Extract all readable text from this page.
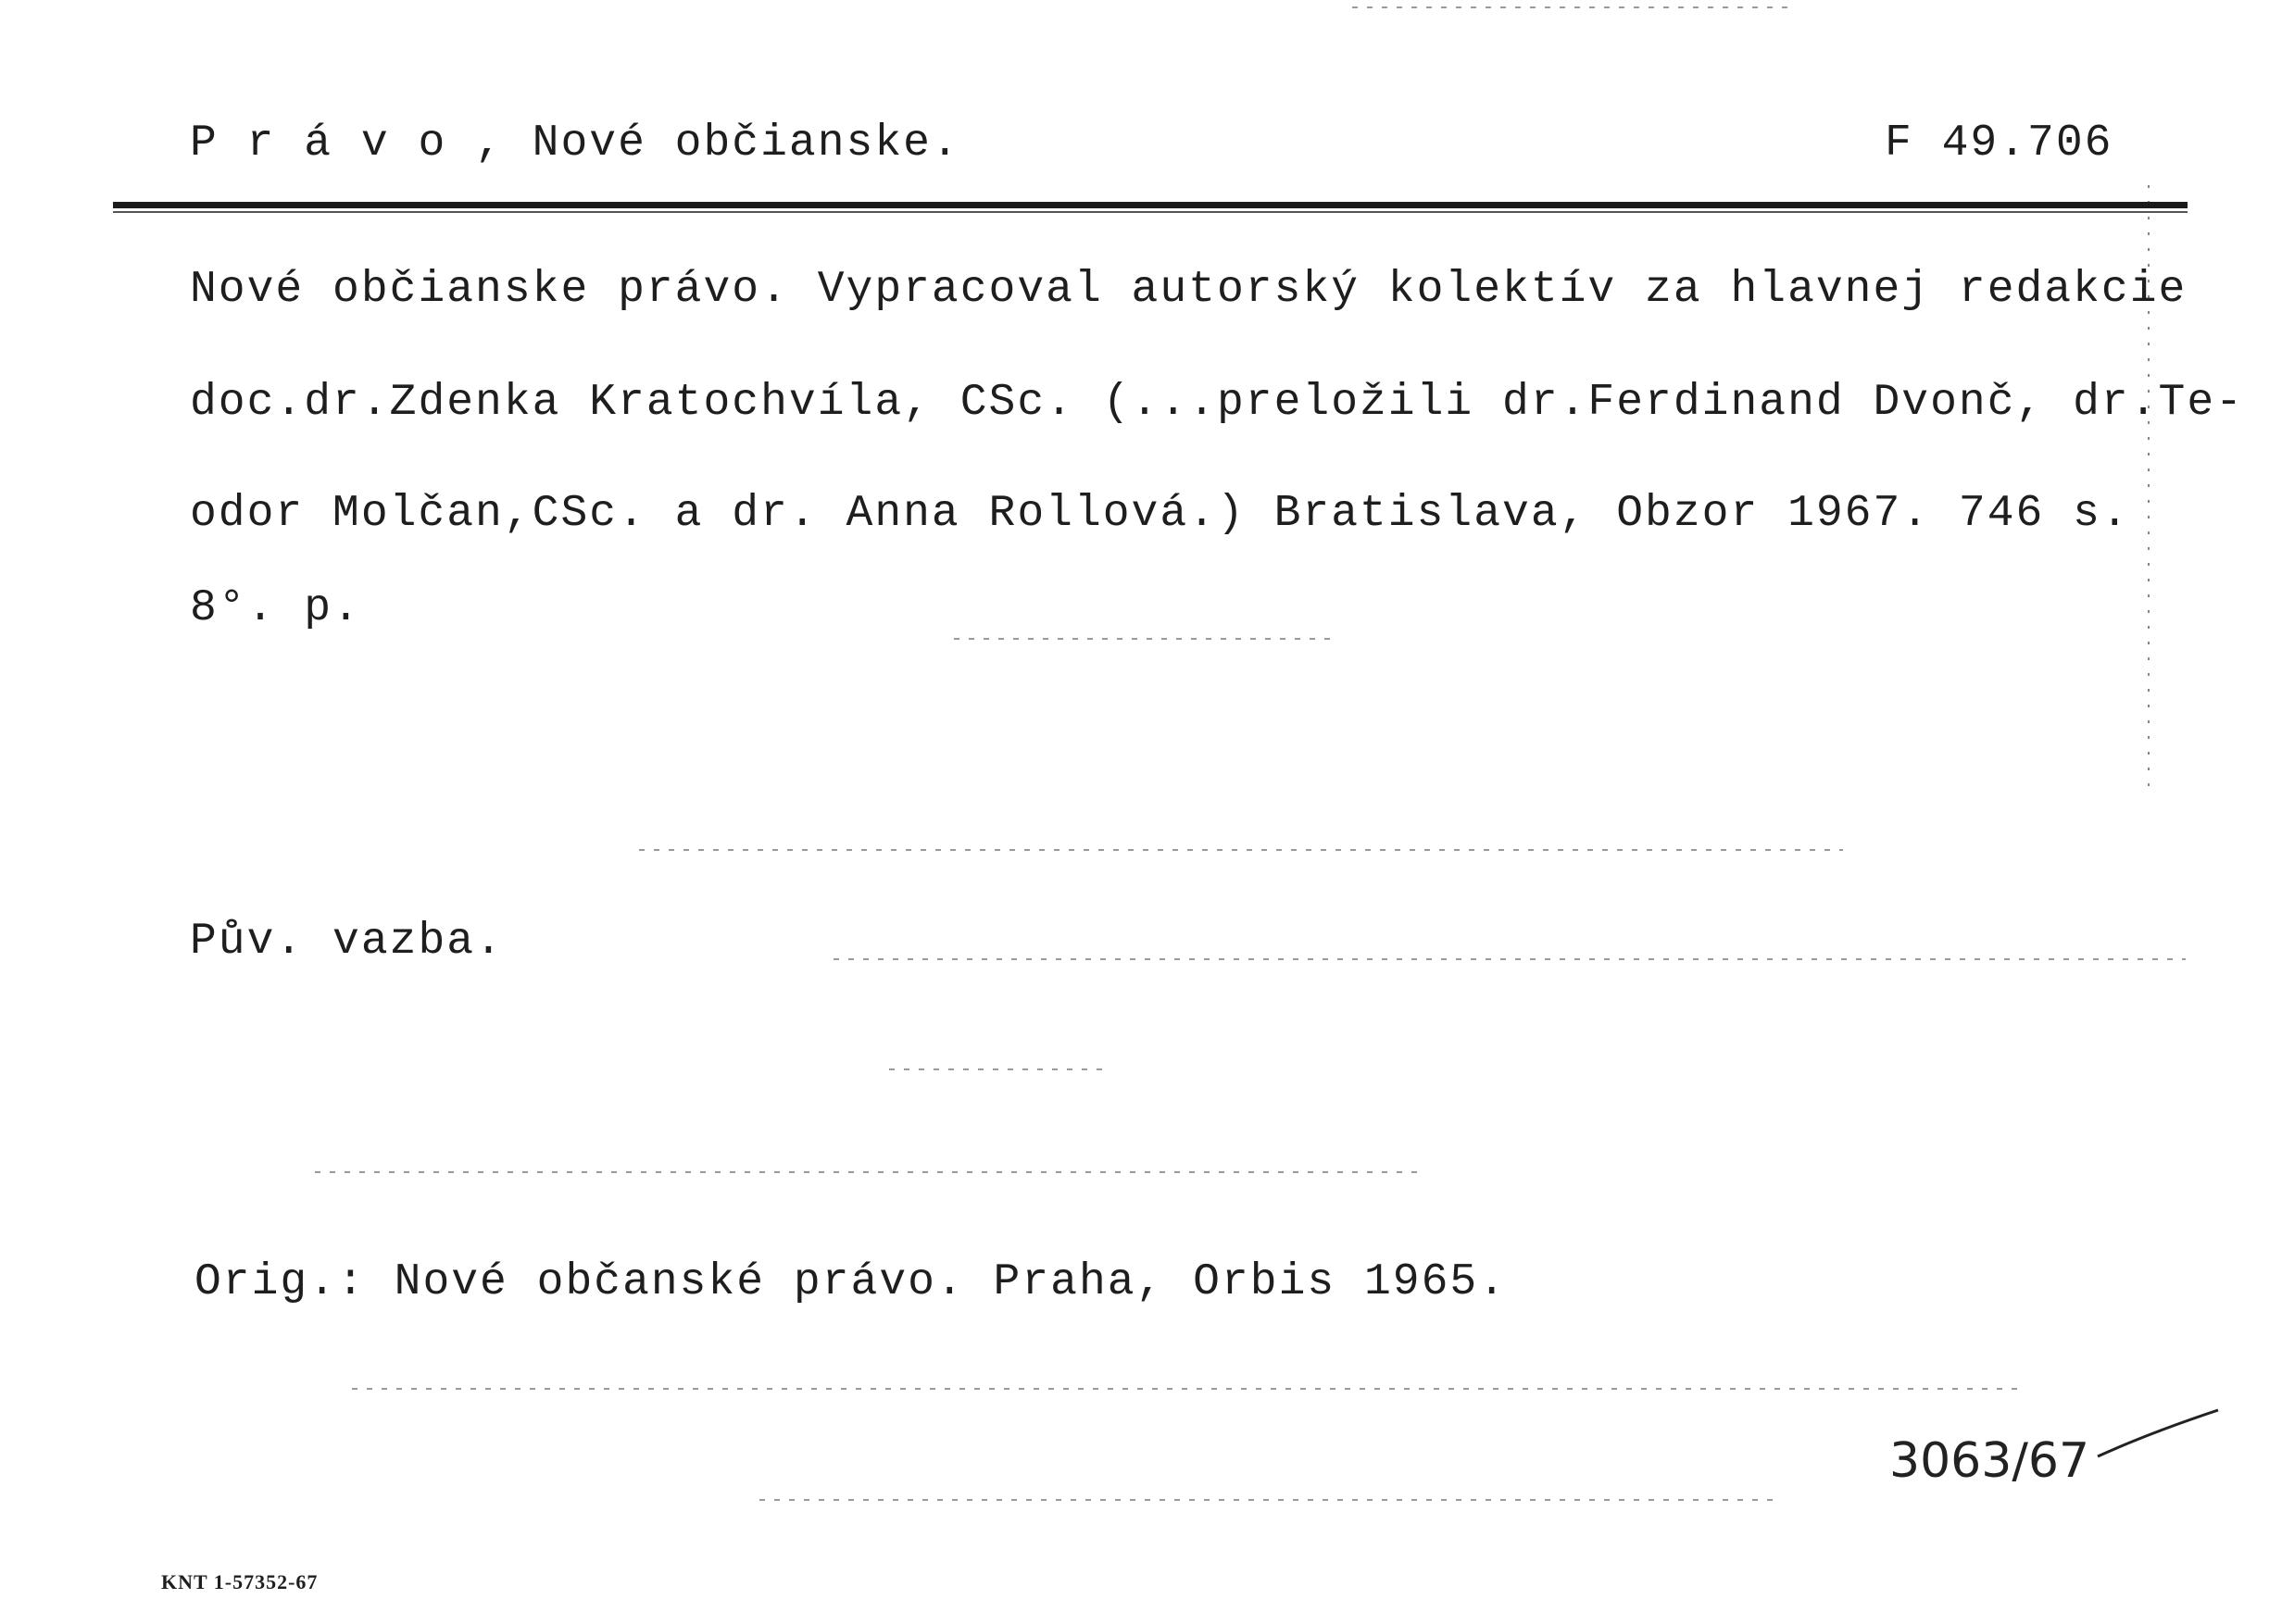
P r á v o , Nové občianske.	F 49.706
Nové občianske právo. Vypracoval autorský kolektív za hlavnej redakcie
doc.dr.Zdenka Kratochvíla, CSc. (...preložili dr.Ferdinand Dvonč, dr.Te-
odor Molčan,CSc. a dr. Anna Rollová.) Bratislava, Obzor 1967. 746 s.
8°. p.
Pův. vazba.
Orig.: Nové občanské právo. Praha, Orbis 1965.
3063/67
KNT 1-57352-67
